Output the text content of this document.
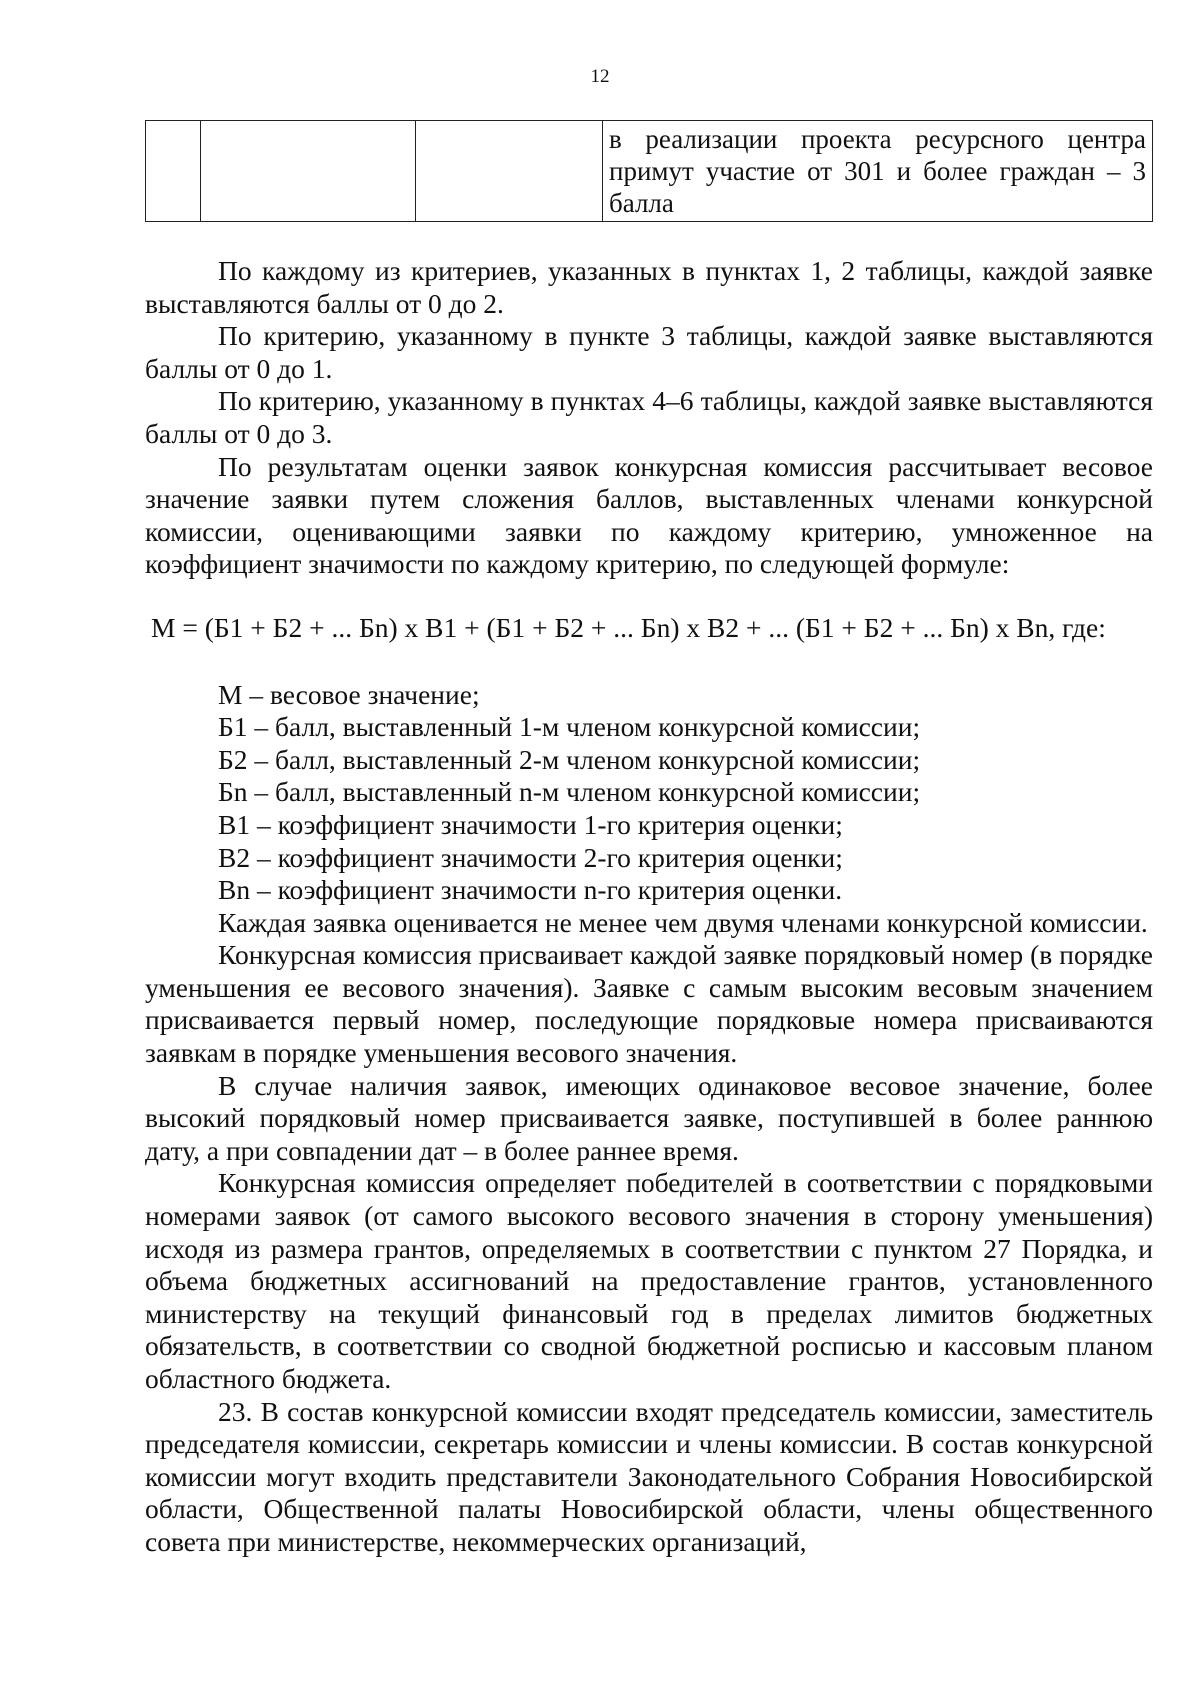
12
			в реализации проекта ресурсного центра примут участие от 301 и более граждан – 3 балла

По каждому из критериев, указанных в пунктах 1, 2 таблицы, каждой заявке выставляются баллы от 0 до 2.

По критерию, указанному в пункте 3 таблицы, каждой заявке выставляются баллы от 0 до 1.

По критерию, указанному в пунктах 4–6 таблицы, каждой заявке выставляются баллы от 0 до 3.

По результатам оценки заявок конкурсная комиссия рассчитывает весовое значение заявки путем сложения баллов, выставленных членами конкурсной комиссии, оценивающими заявки по каждому критерию, умноженное на коэффициент значимости по каждому критерию, по следующей формуле:

М = (Б1 + Б2 + ... Бn) х В1 + (Б1 + Б2 + ... Бn) х В2 + ... (Б1 + Б2 + ... Бn) х Вn, где:
М – весовое значение;
Б1 – балл, выставленный 1-м членом конкурсной комиссии;
Б2 – балл, выставленный 2-м членом конкурсной комиссии;
Бn – балл, выставленный n-м членом конкурсной комиссии;
В1 – коэффициент значимости 1-го критерия оценки;
В2 – коэффициент значимости 2-го критерия оценки;
Вn – коэффициент значимости n-го критерия оценки.

Каждая заявка оценивается не менее чем двумя членами конкурсной комиссии.

Конкурсная комиссия присваивает каждой заявке порядковый номер (в порядке уменьшения ее весового значения). Заявке с самым высоким весовым значением присваивается первый номер, последующие порядковые номера присваиваются заявкам в порядке уменьшения весового значения.

В случае наличия заявок, имеющих одинаковое весовое значение, более высокий порядковый номер присваивается заявке, поступившей в более раннюю дату, а при совпадении дат – в более раннее время.

Конкурсная комиссия определяет победителей в соответствии с порядковыми номерами заявок (от самого высокого весового значения в сторону уменьшения) исходя из размера грантов, определяемых в соответствии с пунктом 27 Порядка, и объема бюджетных ассигнований на предоставление грантов, установленного министерству на текущий финансовый год в пределах лимитов бюджетных обязательств, в соответствии со сводной бюджетной росписью и кассовым планом областного бюджета.

23. В состав конкурсной комиссии входят председатель комиссии, заместитель председателя комиссии, секретарь комиссии и члены комиссии. В состав конкурсной комиссии могут входить представители Законодательного Собрания Новосибирской области, Общественной палаты Новосибирской области, члены общественного совета при министерстве, некоммерческих организаций,
